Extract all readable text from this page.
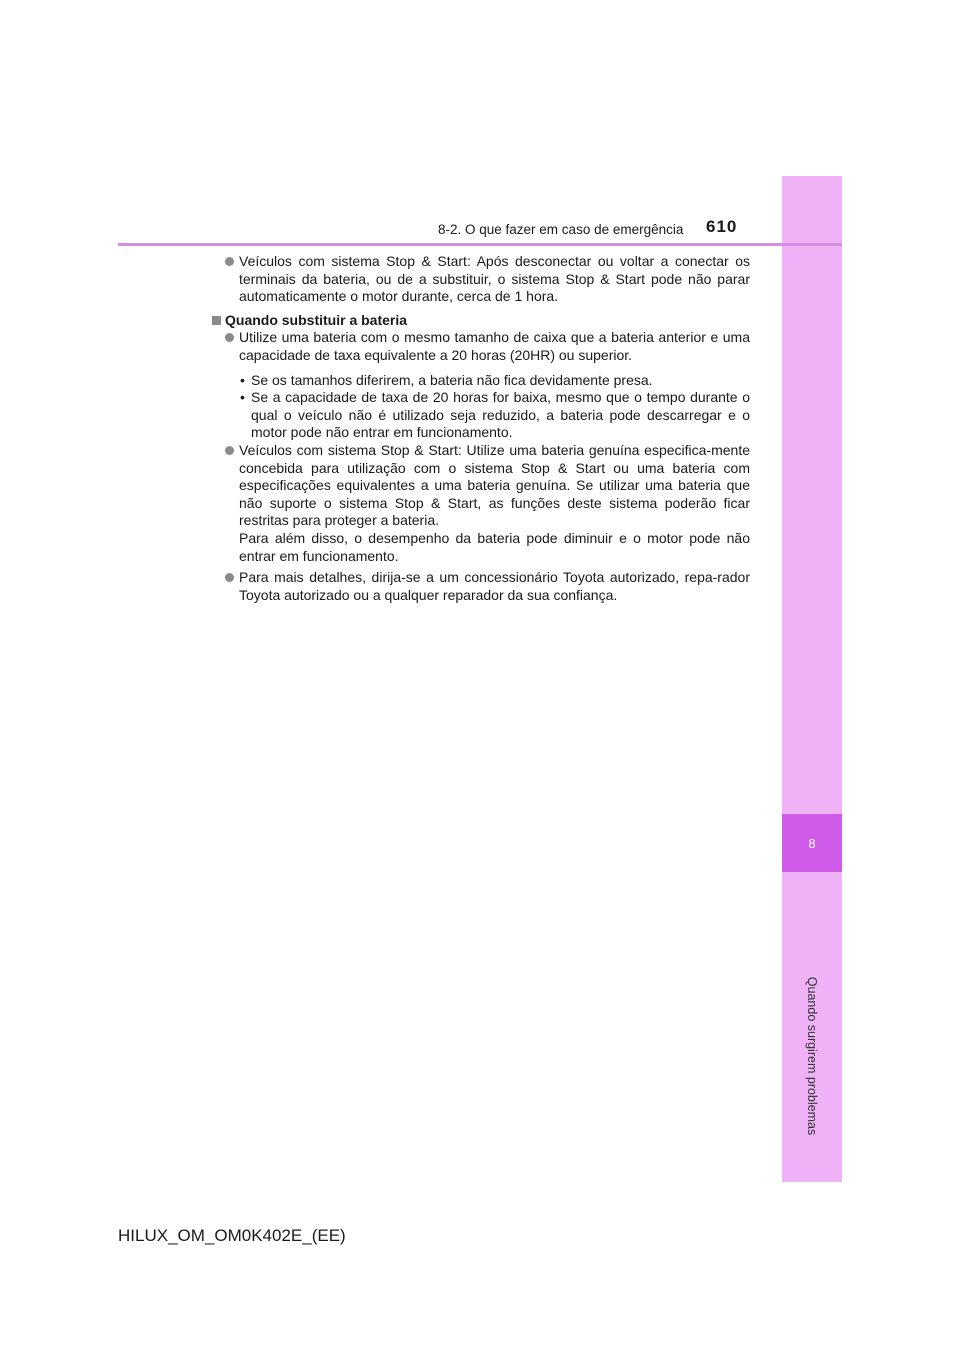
8
Quando surgirem problemas
8-2. O que fazer em caso de emergência 610

Veículos com sistema Stop & Start: Após desconectar ou voltar a conectar os terminais da bateria, ou de a substituir, o sistema Stop & Start pode não parar automaticamente o motor durante, cerca de 1 hora.

Quando substituir a bateria

Utilize uma bateria com o mesmo tamanho de caixa que a bateria anterior e uma capacidade de taxa equivalente a 20 horas (20HR) ou superior.

• Se os tamanhos diferirem, a bateria não fica devidamente presa.

• Se a capacidade de taxa de 20 horas for baixa, mesmo que o tempo durante o qual o veículo não é utilizado seja reduzido, a bateria pode descarregar e o motor pode não entrar em funcionamento.

Veículos com sistema Stop & Start: Utilize uma bateria genuína especifica-mente concebida para utilização com o sistema Stop & Start ou uma bateria com especificações equivalentes a uma bateria genuína. Se utilizar uma bateria que não suporte o sistema Stop & Start, as funções deste sistema poderão ficar restritas para proteger a bateria.

Para além disso, o desempenho da bateria pode diminuir e o motor pode não entrar em funcionamento.

Para mais detalhes, dirija-se a um concessionário Toyota autorizado, repa-rador Toyota autorizado ou a qualquer reparador da sua confiança.

HILUX_OM_OM0K402E_(EE)
